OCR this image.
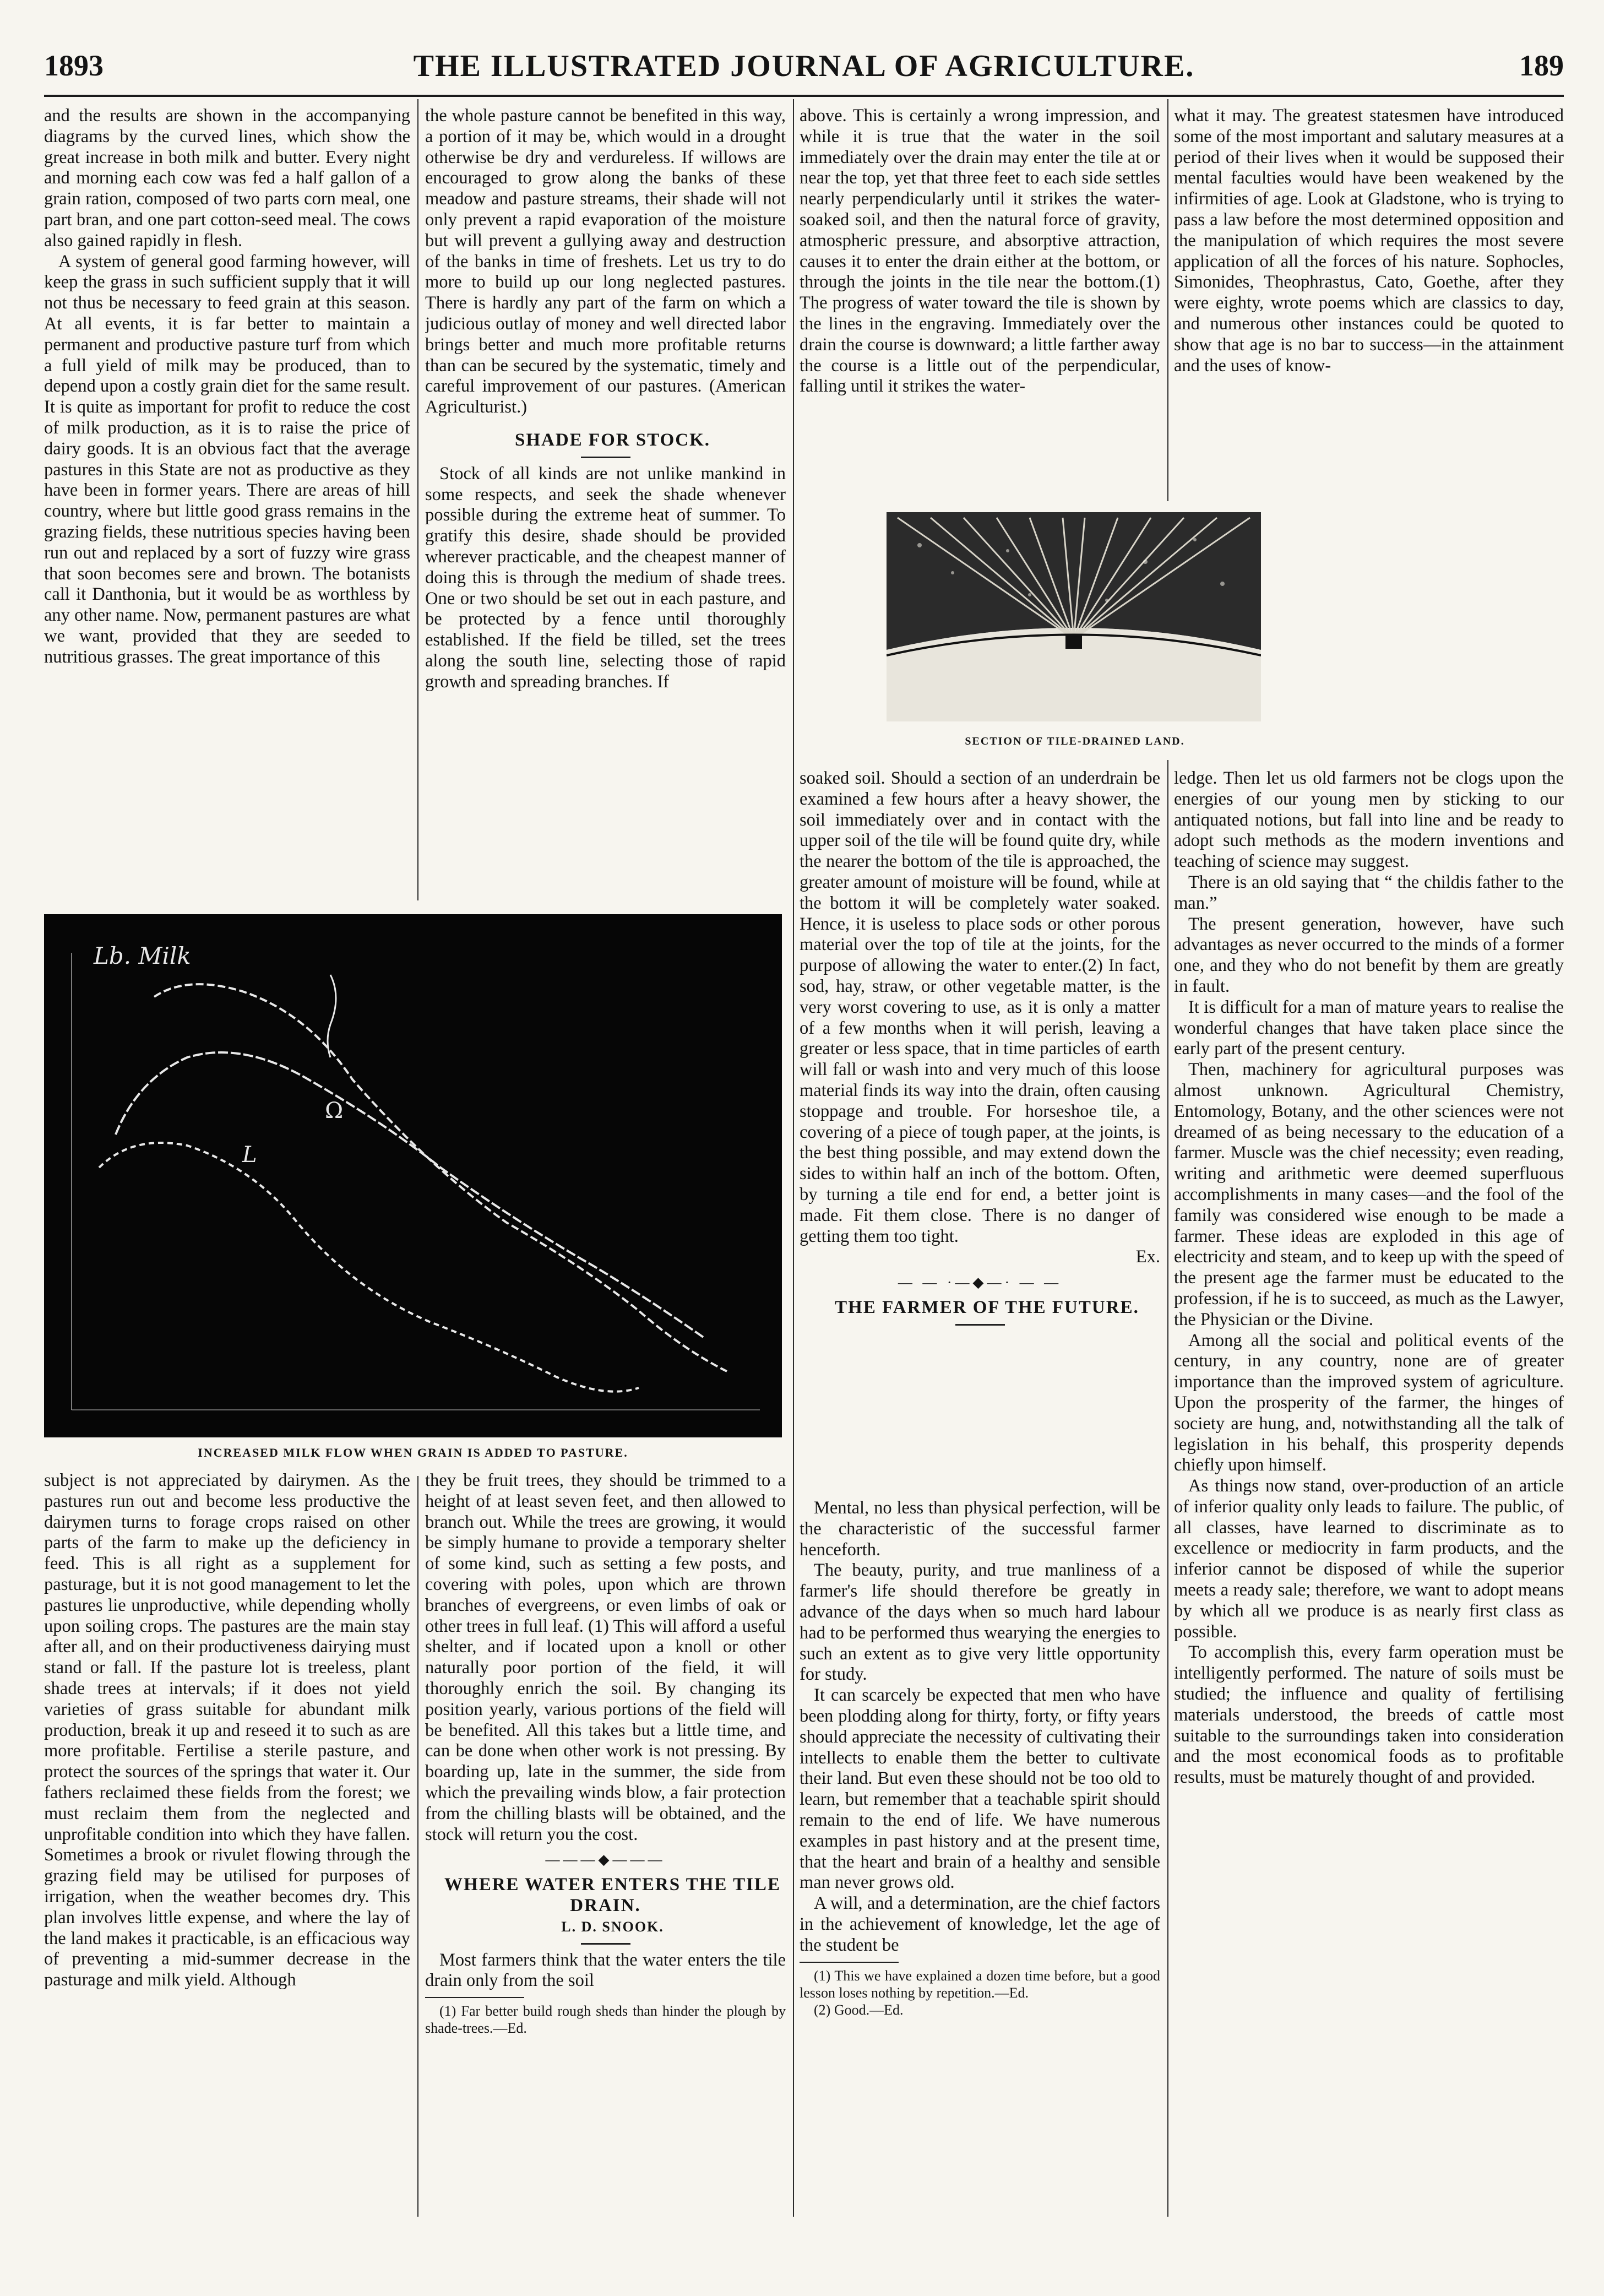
1893	THE ILLUSTRATED JOURNAL OF AGRICULTURE.	189

and the results are shown in the accompanying diagrams by the curved lines, which show the great increase in both milk and butter. Every night and morning each cow was fed a half gallon of a grain ration, composed of two parts corn meal, one part bran, and one part cotton-seed meal. The cows also gained rapidly in flesh.

A system of general good farming however, will keep the grass in such sufficient supply that it will not thus be necessary to feed grain at this season. At all events, it is far better to maintain a permanent and productive pasture turf from which a full yield of milk may be produced, than to depend upon a costly grain diet for the same result. It is quite as important for profit to reduce the cost of milk production, as it is to raise the price of dairy goods. It is an obvious fact that the average pastures in this State are not as productive as they have been in former years. There are areas of hill country, where but little good grass remains in the grazing fields, these nutritious species having been run out and replaced by a sort of fuzzy wire grass that soon becomes sere and brown. The botanists call it Danthonia, but it would be as worthless by any other name. Now, permanent pastures are what we want, provided that they are seeded to nutritious grasses. The great importance of this

the whole pasture cannot be benefited in this way, a portion of it may be, which would in a drought otherwise be dry and verdureless. If willows are encouraged to grow along the banks of these meadow and pasture streams, their shade will not only prevent a rapid evaporation of the moisture but will prevent a gullying away and destruction of the banks in time of freshets. Let us try to do more to build up our long neglected pastures. There is hardly any part of the farm on which a judicious outlay of money and well directed labor brings better and much more profitable returns than can be secured by the systematic, timely and careful improvement of our pastures. (American Agriculturist.)

SHADE FOR STOCK.

Stock of all kinds are not unlike mankind in some respects, and seek the shade whenever possible during the extreme heat of summer. To gratify this desire, shade should be provided wherever practicable, and the cheapest manner of doing this is through the medium of shade trees. One or two should be set out in each pasture, and be protected by a fence until thoroughly established. If the field be tilled, set the trees along the south line, selecting those of rapid growth and spreading branches. If

above. This is certainly a wrong impression, and while it is true that the water in the soil immediately over the drain may enter the tile at or near the top, yet that three feet to each side settles nearly perpendicularly until it strikes the water-soaked soil, and then the natural force of gravity, atmospheric pressure, and absorptive attraction, causes it to enter the drain either at the bottom, or through the joints in the tile near the bottom.(1) The progress of water toward the tile is shown by the lines in the engraving. Immediately over the drain the course is downward; a little farther away the course is a little out of the perpendicular, falling until it strikes the water-

what it may. The greatest statesmen have introduced some of the most important and salutary measures at a period of their lives when it would be supposed their mental faculties would have been weakened by the infirmities of age. Look at Gladstone, who is trying to pass a law before the most determined opposition and the manipulation of which requires the most severe application of all the forces of his nature. Sophocles, Simonides, Theophrastus, Cato, Goethe, after they were eighty, wrote poems which are classics to day, and numerous other instances could be quoted to show that age is no bar to success—in the attainment and the uses of know-

SECTION OF TILE-DRAINED LAND.
Lb. Milk
Ω
L
INCREASED MILK FLOW WHEN GRAIN IS ADDED TO PASTURE.

soaked soil. Should a section of an underdrain be examined a few hours after a heavy shower, the soil immediately over and in contact with the upper soil of the tile will be found quite dry, while the nearer the bottom of the tile is approached, the greater amount of moisture will be found, while at the bottom it will be completely water soaked. Hence, it is useless to place sods or other porous material over the top of tile at the joints, for the purpose of allowing the water to enter.(2) In fact, sod, hay, straw, or other vegetable matter, is the very worst covering to use, as it is only a matter of a few months when it will perish, leaving a greater or less space, that in time particles of earth will fall or wash into and very much of this loose material finds its way into the drain, often causing stoppage and trouble. For horseshoe tile, a covering of a piece of tough paper, at the joints, is the best thing possible, and may extend down the sides to within half an inch of the bottom. Often, by turning a tile end for end, a better joint is made. Fit them close. There is no danger of getting them too tight.

Ex.

— — ·—◆—· — —

THE FARMER OF THE FUTURE.

Mental, no less than physical perfection, will be the characteristic of the successful farmer henceforth.

The beauty, purity, and true manliness of a farmer's life should therefore be greatly in advance of the days when so much hard labour had to be performed thus wearying the energies to such an extent as to give very little opportunity for study.

It can scarcely be expected that men who have been plodding along for thirty, forty, or fifty years should appreciate the necessity of cultivating their intellects to enable them the better to cultivate their land. But even these should not be too old to learn, but remember that a teachable spirit should remain to the end of life. We have numerous examples in past history and at the present time, that the heart and brain of a healthy and sensible man never grows old.

A will, and a determination, are the chief factors in the achievement of knowledge, let the age of the student be

(1) This we have explained a dozen time before, but a good lesson loses nothing by repetition.—Ed.

(2) Good.—Ed.

ledge. Then let us old farmers not be clogs upon the energies of our young men by sticking to our antiquated notions, but fall into line and be ready to adopt such methods as the modern inventions and teaching of science may suggest.

There is an old saying that “ the childis father to the man.”

The present generation, however, have such advantages as never occurred to the minds of a former one, and they who do not benefit by them are greatly in fault.

It is difficult for a man of mature years to realise the wonderful changes that have taken place since the early part of the present century.

Then, machinery for agricultural purposes was almost unknown. Agricultural Chemistry, Entomology, Botany, and the other sciences were not dreamed of as being necessary to the education of a farmer. Muscle was the chief necessity; even reading, writing and arithmetic were deemed superfluous accomplishments in many cases—and the fool of the family was considered wise enough to be made a farmer. These ideas are exploded in this age of electricity and steam, and to keep up with the speed of the present age the farmer must be educated to the profession, if he is to succeed, as much as the Lawyer, the Physician or the Divine.

Among all the social and political events of the century, in any country, none are of greater importance than the improved system of agriculture. Upon the prosperity of the farmer, the hinges of society are hung, and, notwithstanding all the talk of legislation in his behalf, this prosperity depends chiefly upon himself.

As things now stand, over-production of an article of inferior quality only leads to failure. The public, of all classes, have learned to discriminate as to excellence or mediocrity in farm products, and the inferior cannot be disposed of while the superior meets a ready sale; therefore, we want to adopt means by which all we produce is as nearly first class as possible.

To accomplish this, every farm operation must be intelligently performed. The nature of soils must be studied; the influence and quality of fertilising materials understood, the breeds of cattle most suitable to the surroundings taken into consideration and the most economical foods as to profitable results, must be maturely thought of and provided.

subject is not appreciated by dairymen. As the pastures run out and become less productive the dairymen turns to forage crops raised on other parts of the farm to make up the deficiency in feed. This is all right as a supplement for pasturage, but it is not good management to let the pastures lie unproductive, while depending wholly upon soiling crops. The pastures are the main stay after all, and on their productiveness dairying must stand or fall. If the pasture lot is treeless, plant shade trees at intervals; if it does not yield varieties of grass suitable for abundant milk production, break it up and reseed it to such as are more profitable. Fertilise a sterile pasture, and protect the sources of the springs that water it. Our fathers reclaimed these fields from the forest; we must reclaim them from the neglected and unprofitable condition into which they have fallen. Sometimes a brook or rivulet flowing through the grazing field may be utilised for purposes of irrigation, when the weather becomes dry. This plan involves little expense, and where the lay of the land makes it practicable, is an efficacious way of preventing a mid-summer decrease in the pasturage and milk yield. Although

they be fruit trees, they should be trimmed to a height of at least seven feet, and then allowed to branch out. While the trees are growing, it would be simply humane to provide a temporary shelter of some kind, such as setting a few posts, and covering with poles, upon which are thrown branches of evergreens, or even limbs of oak or other trees in full leaf. (1) This will afford a useful shelter, and if located upon a knoll or other naturally poor portion of the field, it will thoroughly enrich the soil. By changing its position yearly, various portions of the field will be benefited. All this takes but a little time, and can be done when other work is not pressing. By boarding up, late in the summer, the side from which the prevailing winds blow, a fair protection from the chilling blasts will be obtained, and the stock will return you the cost.

———◆———

WHERE WATER ENTERS THE TILE DRAIN.

L. D. SNOOK.

Most farmers think that the water enters the tile drain only from the soil

(1) Far better build rough sheds than hinder the plough by shade-trees.—Ed.
